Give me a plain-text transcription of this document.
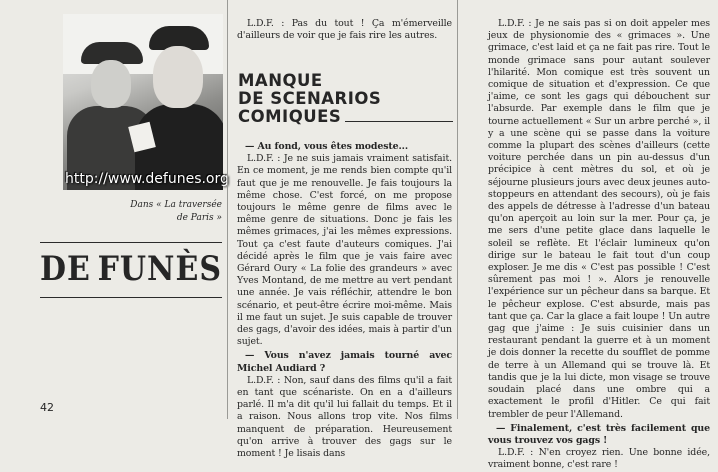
http://www.defunes.org
Dans « La traversée de Paris »
DE FUNÈS
42

L.D.F. : Pas du tout ! Ça m'émerveille d'ailleurs de voir que je fais rire les autres.

MANQUE
DE SCENARIOS
COMIQUES

— Au fond, vous êtes modeste...

L.D.F. : Je ne suis jamais vraiment satisfait. En ce moment, je me rends bien compte qu'il faut que je me renouvelle. Je fais toujours la même chose. C'est forcé, on me propose toujours le même genre de films avec le même genre de situations. Donc je fais les mêmes grimaces, j'ai les mêmes expressions. Tout ça c'est faute d'auteurs comiques. J'ai décidé après le film que je vais faire avec Gérard Oury « La folie des grandeurs » avec Yves Montand, de me mettre au vert pendant une année. Je vais réfléchir, attendre le bon scénario, et peut-être écrire moi-même. Mais il me faut un sujet. Je suis capable de trouver des gags, d'avoir des idées, mais à partir d'un sujet.

— Vous n'avez jamais tourné avec Michel Audiard ?

L.D.F. : Non, sauf dans des films qu'il a fait en tant que scénariste. On en a d'ailleurs parlé. Il m'a dit qu'il lui fallait du temps. Et il a raison. Nous allons trop vite. Nos films manquent de préparation. Heureusement qu'on arrive à trouver des gags sur le moment ! Je lisais dans

L.D.F. : Je ne sais pas si on doit appeler mes jeux de physionomie des « grimaces ». Une grimace, c'est laid et ça ne fait pas rire. Tout le monde grimace sans pour autant soulever l'hilarité. Mon comique est très souvent un comique de situation et d'expression. Ce que j'aime, ce sont les gags qui débouchent sur l'absurde. Par exemple dans le film que je tourne actuellement « Sur un arbre perché », il y a une scène qui se passe dans la voiture comme la plupart des scènes d'ailleurs (cette voiture perchée dans un pin au-dessus d'un précipice à cent mètres du sol, et où je séjourne plusieurs jours avec deux jeunes auto-stoppeurs en attendant des secours), où je fais des appels de détresse à l'adresse d'un bateau qu'on aperçoit au loin sur la mer. Pour ça, je me sers d'une petite glace dans laquelle le soleil se reflète. Et l'éclair lumineux qu'on dirige sur le bateau le fait tout d'un coup exploser. Je me dis « C'est pas possible ! C'est sûrement pas moi ! ». Alors je renouvelle l'expérience sur un pêcheur dans sa barque. Et le pêcheur explose. C'est absurde, mais pas tant que ça. Car la glace a fait loupe ! Un autre gag que j'aime : Je suis cuisinier dans un restaurant pendant la guerre et à un moment je dois donner la recette du soufflet de pomme de terre à un Allemand qui se trouve là. Et tandis que je la lui dicte, mon visage se trouve soudain placé dans une ombre qui a exactement le profil d'Hitler. Ce qui fait trembler de peur l'Allemand.

— Finalement, c'est très facilement que vous trouvez vos gags !

L.D.F. : N'en croyez rien. Une bonne idée, vraiment bonne, c'est rare !
